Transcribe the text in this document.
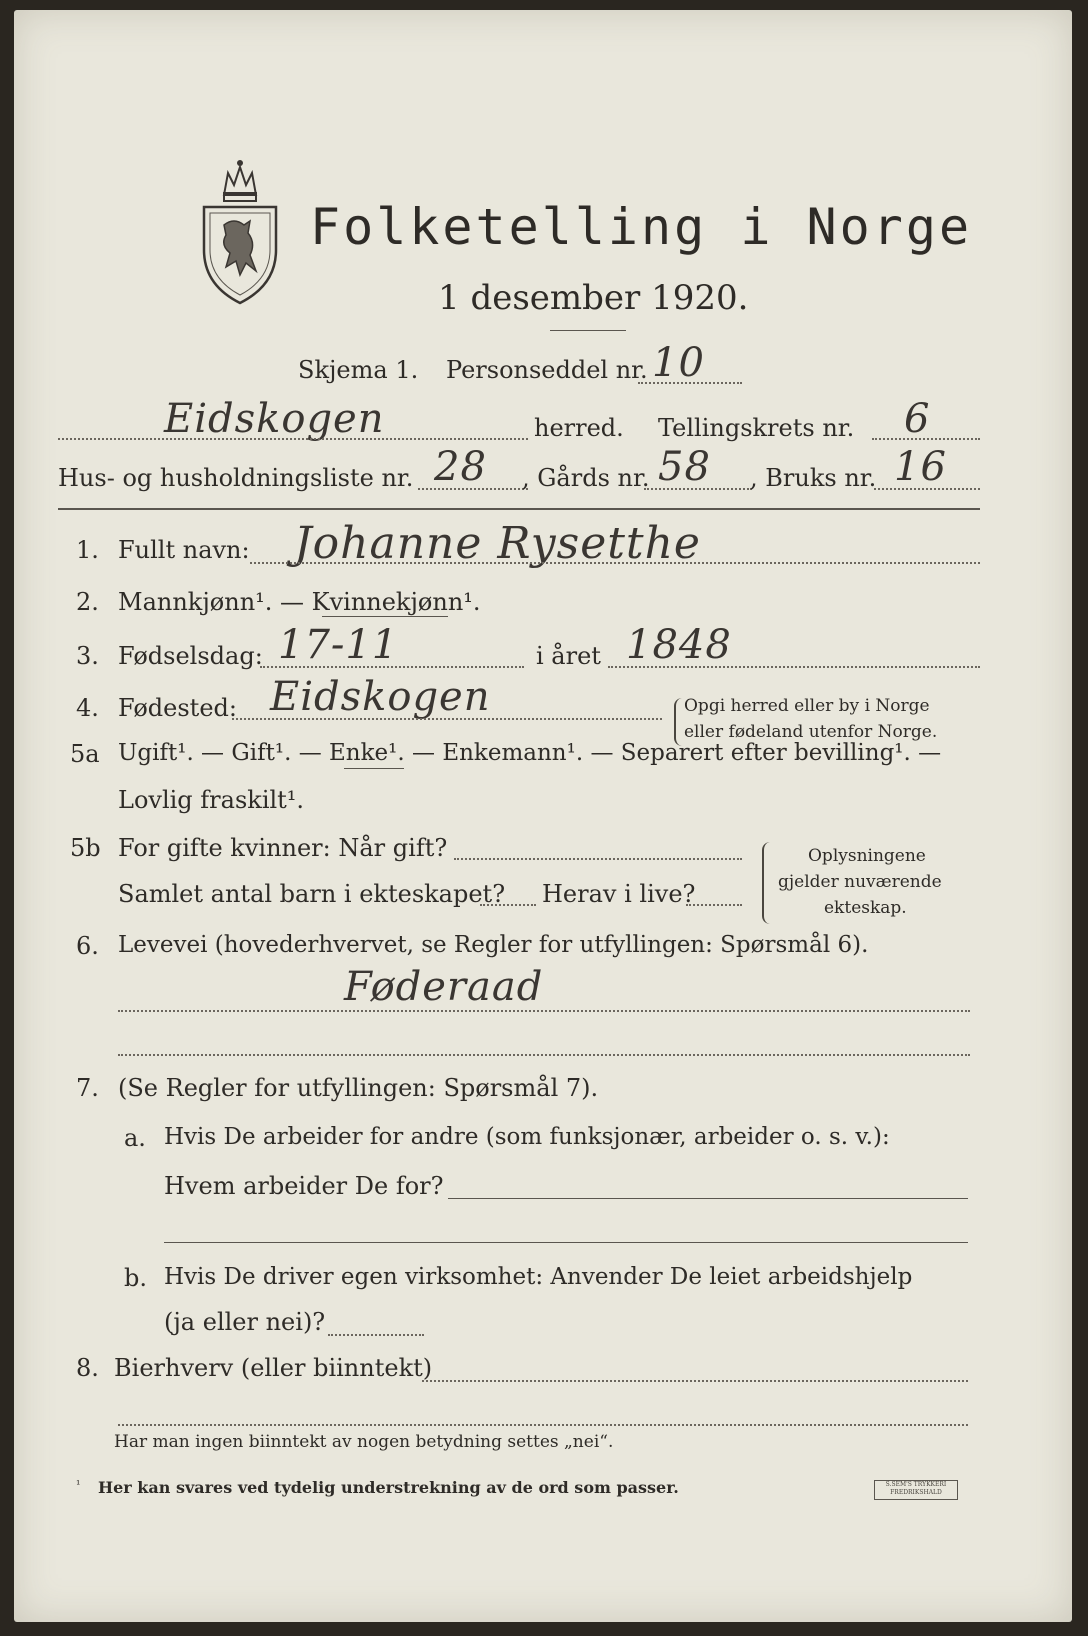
Folketelling i Norge
1 desember 1920.
Skjema 1. Personseddel nr. 10
Eidskogen	herred. Tellingskrets nr. 6
Hus- og husholdningsliste nr. 28 , Gårds nr. 58 , Bruks nr. 16
1. Fullt navn: Johanne Rysetthe
2. Mannkjønn¹. — Kvinnekjønn¹.
3. Fødselsdag: 17-11	i året 1848
4. Fødested: Eidskogen	Opgi herred eller by i Norge
eller fødeland utenfor Norge.
5a Ugift¹. — Gift¹. — Enke¹. — Enkemann¹. — Separert efter bevilling¹. —
Lovlig fraskilt¹.
5b For gifte kvinner: Når gift?
Samlet antal barn i ekteskapet? Herav i live?
Oplysningene
gjelder nuværende
ekteskap.
6. Levevei (hovederhvervet, se Regler for utfyllingen: Spørsmål 6).
Føderaad
7. (Se Regler for utfyllingen: Spørsmål 7).
a. Hvis De arbeider for andre (som funksjonær, arbeider o. s. v.):
Hvem arbeider De for?
b. Hvis De driver egen virksomhet: Anvender De leiet arbeidshjelp
(ja eller nei)?
8. Bierhverv (eller biinntekt)
Har man ingen biinntekt av nogen betydning settes „nei“.
¹ Her kan svares ved tydelig understrekning av de ord som passer.	S.SEM'S TRYKKERI
FREDRIKSHALD
